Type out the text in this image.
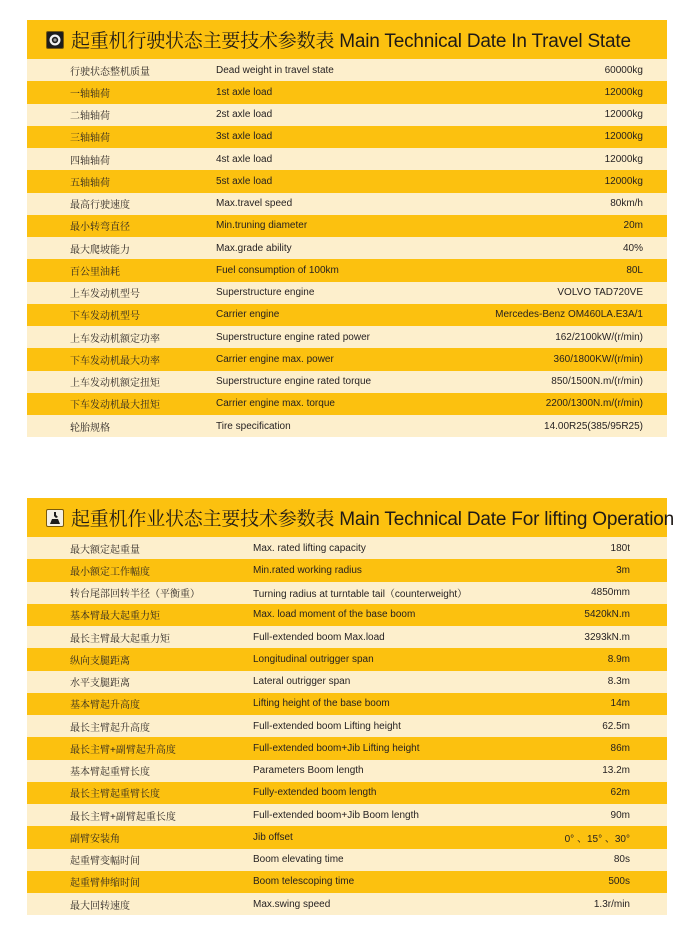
起重机行驶状态主要技术参数表 Main Technical Date In Travel State
行驶状态整机质量	Dead weight in travel state	60000kg
一轴轴荷	1st axle load	12000kg
二轴轴荷	2st axle load	12000kg
三轴轴荷	3st axle load	12000kg
四轴轴荷	4st axle load	12000kg
五轴轴荷	5st axle load	12000kg
最高行驶速度	Max.travel speed	80km/h
最小转弯直径	Min.truning diameter	20m
最大爬坡能力	Max.grade ability	40%
百公里油耗	Fuel consumption of 100km	80L
上车发动机型号	Superstructure engine	VOLVO TAD720VE
下车发动机型号	Carrier engine	Mercedes-Benz OM460LA.E3A/1
上车发动机额定功率	Superstructure engine rated power	162/2100kW/(r/min)
下车发动机最大功率	Carrier engine max. power	360/1800KW/(r/min)
上车发动机额定扭矩	Superstructure engine rated torque	850/1500N.m/(r/min)
下车发动机最大扭矩	Carrier engine max. torque	2200/1300N.m/(r/min)
轮胎规格	Tire specification	14.00R25(385/95R25)
起重机作业状态主要技术参数表 Main Technical Date For lifting Operation
最大额定起重量	Max. rated lifting capacity	180t
最小额定工作幅度	Min.rated working radius	3m
转台尾部回转半径（平衡重）	Turning radius at turntable tail（counterweight）	4850mm
基本臂最大起重力矩	Max. load moment of the base boom	5420kN.m
最长主臂最大起重力矩	Full-extended boom Max.load	3293kN.m
纵向支腿距离	Longitudinal outrigger span	8.9m
水平支腿距离	Lateral outrigger span	8.3m
基本臂起升高度	Lifting height of the base boom	14m
最长主臂起升高度	Full-extended boom Lifting height	62.5m
最长主臂+副臂起升高度	Full-extended boom+Jib Lifting height	86m
基本臂起重臂长度	Parameters Boom length	13.2m
最长主臂起重臂长度	Fully-extended boom length	62m
最长主臂+副臂起重长度	Full-extended boom+Jib Boom length	90m
副臂安装角	Jib offset	0° 、15° 、30°
起重臂变幅时间	Boom elevating time	80s
起重臂伸缩时间	Boom telescoping time	500s
最大回转速度	Max.swing speed	1.3r/min
